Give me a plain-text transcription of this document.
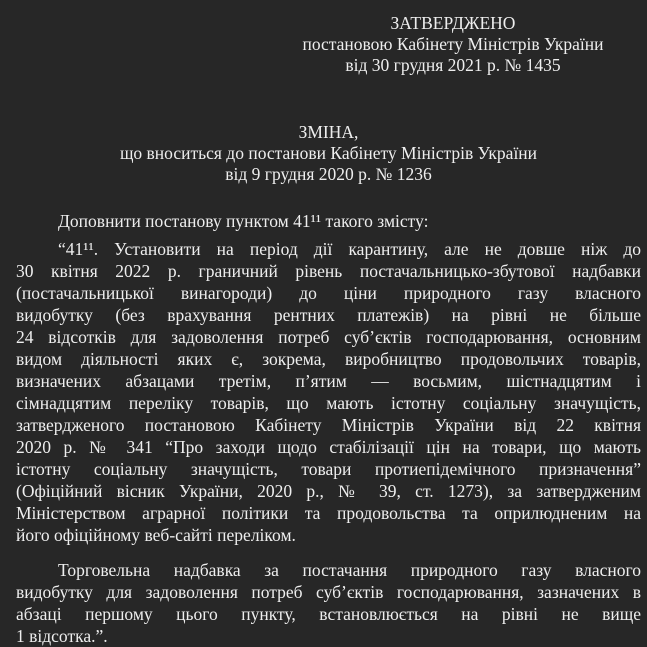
ЗАТВЕРДЖЕНО
постановою Кабінету Міністрів України
від 30 грудня 2021 р. № 1435
ЗМІНА,
що вноситься до постанови Кабінету Міністрів України
від 9 грудня 2020 р. № 1236
Доповнити постанову пунктом 41¹¹ такого змісту:
“41¹¹. Установити на період дії карантину, але не довше ніж до
30 квітня 2022 р. граничний рівень постачальницько-збутової надбавки
(постачальницької винагороди) до ціни природного газу власного
видобутку (без врахування рентних платежів) на рівні не більше
24 відсотків для задоволення потреб суб’єктів господарювання, основним
видом діяльності яких є, зокрема, виробництво продовольчих товарів,
визначених абзацами третім, п’ятим — восьмим, шістнадцятим і
сімнадцятим переліку товарів, що мають істотну соціальну значущість,
затвердженого постановою Кабінету Міністрів України від 22 квітня
2020 р. № 341 “Про заходи щодо стабілізації цін на товари, що мають
істотну соціальну значущість, товари протиепідемічного призначення”
(Офіційний вісник України, 2020 р., № 39, ст. 1273), за затвердженим
Міністерством аграрної політики та продовольства та оприлюдненим на
його офіційному веб-сайті переліком.
Торговельна надбавка за постачання природного газу власного
видобутку для задоволення потреб суб’єктів господарювання, зазначених в
абзаці першому цього пункту, встановлюється на рівні не вище
1 відсотка.”.
